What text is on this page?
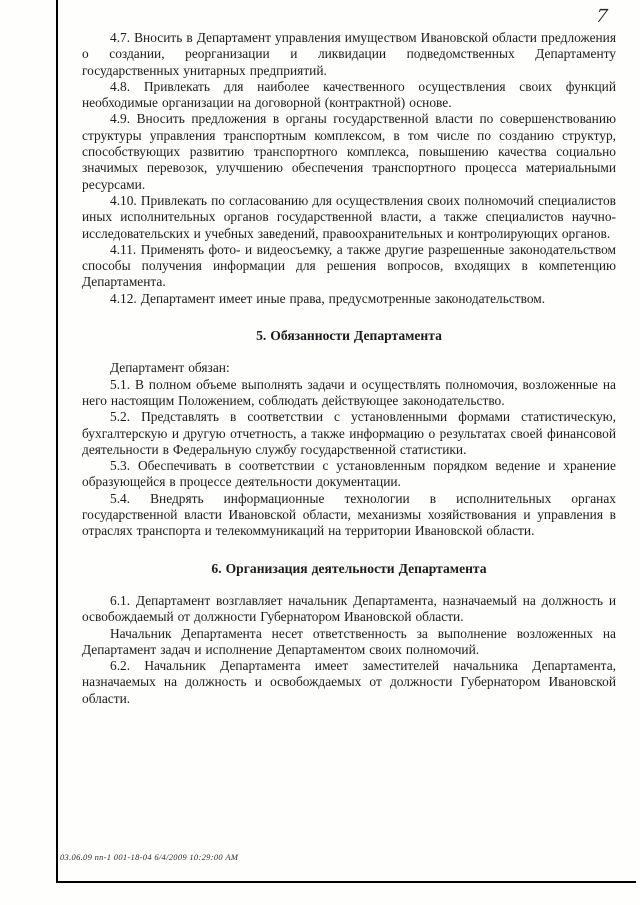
7

4.7. Вносить в Департамент управления имуществом Ивановской области предложения о создании, реорганизации и ликвидации подведомственных Департаменту государственных унитарных предприятий.

4.8. Привлекать для наиболее качественного осуществления своих функций необходимые организации на договорной (контрактной) основе.

4.9. Вносить предложения в органы государственной власти по совершенствованию структуры управления транспортным комплексом, в том числе по созданию структур, способствующих развитию транспортного комплекса, повышению качества социально значимых перевозок, улучшению обеспечения транспортного процесса материальными ресурсами.

4.10. Привлекать по согласованию для осуществления своих полномочий специалистов иных исполнительных органов государственной власти, а также специалистов научно-исследовательских и учебных заведений, правоохранительных и контролирующих органов.

4.11. Применять фото- и видеосъемку, а также другие разрешенные законодательством способы получения информации для решения вопросов, входящих в компетенцию Департамента.

4.12. Департамент имеет иные права, предусмотренные законодательством.

5. Обязанности Департамента

Департамент обязан:

5.1. В полном объеме выполнять задачи и осуществлять полномочия, возложенные на него настоящим Положением, соблюдать действующее законодательство.

5.2. Представлять в соответствии с установленными формами статистическую, бухгалтерскую и другую отчетность, а также информацию о результатах своей финансовой деятельности в Федеральную службу государственной статистики.

5.3. Обеспечивать в соответствии с установленным порядком ведение и хранение образующейся в процессе деятельности документации.

5.4. Внедрять информационные технологии в исполнительных органах государственной власти Ивановской области, механизмы хозяйствования и управления в отраслях транспорта и телекоммуникаций на территории Ивановской области.

6. Организация деятельности Департамента

6.1. Департамент возглавляет начальник Департамента, назначаемый на должность и освобождаемый от должности Губернатором Ивановской области.

Начальник Департамента несет ответственность за выполнение возложенных на Департамент задач и исполнение Департаментом своих полномочий.

6.2. Начальник Департамента имеет заместителей начальника Департамента, назначаемых на должность и освобождаемых от должности Губернатором Ивановской области.

03.06.09 пп-1 001-18-04 6/4/2009 10:29:00 AM
